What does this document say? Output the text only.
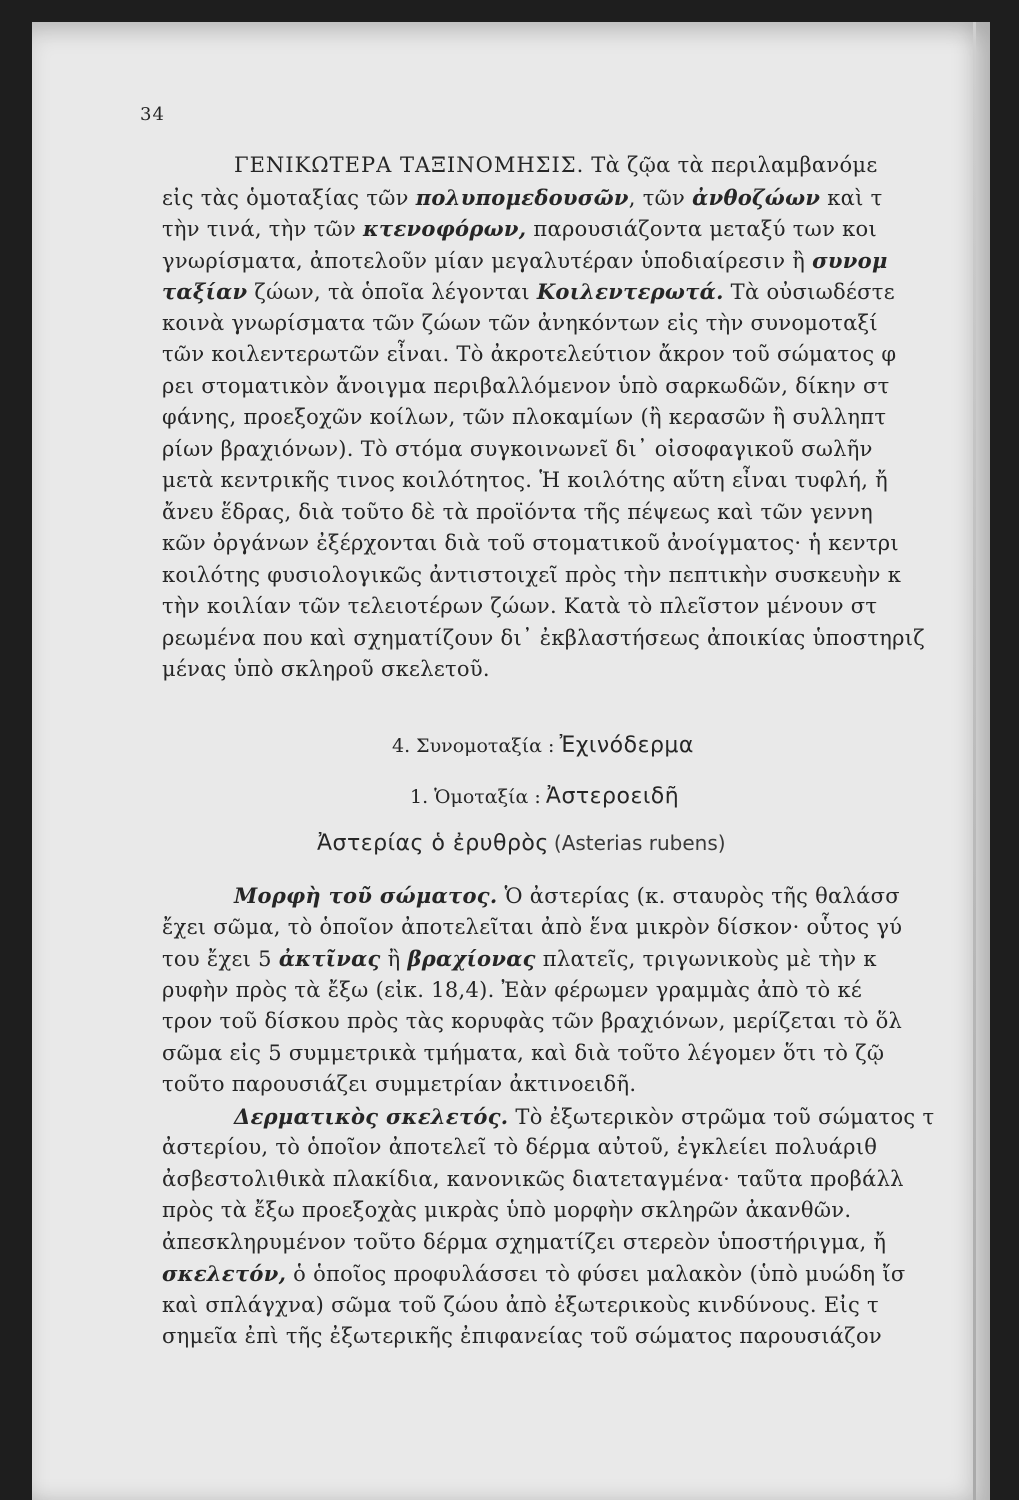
34
ΓΕΝΙΚΩΤΕΡΑ ΤΑΞΙΝΟΜΗΣΙΣ. Τὰ ζῷα τὰ περιλαμβανόμε
εἰς τὰς ὁμοταξίας τῶν πολυπομεδουσῶν, τῶν ἀνθοζώων καὶ τ
τὴν τινά, τὴν τῶν κτενοφόρων, παρουσιάζοντα μεταξύ των κοι
γνωρίσματα, ἀποτελοῦν μίαν μεγαλυτέραν ὑποδιαίρεσιν ἢ συνομ
ταξίαν ζώων, τὰ ὁποῖα λέγονται Κοιλεντερωτά. Τὰ οὐσιωδέστε
κοινὰ γνωρίσματα τῶν ζώων τῶν ἀνηκόντων εἰς τὴν συνομοταξί
τῶν κοιλεντερωτῶν εἶναι. Τὸ ἀκροτελεύτιον ἄκρον τοῦ σώματος φ
ρει στοματικὸν ἄνοιγμα περιβαλλόμενον ὑπὸ σαρκωδῶν, δίκην στ
φάνης, προεξοχῶν κοίλων, τῶν πλοκαμίων (ἢ κερασῶν ἢ συλληπτ
ρίων βραχιόνων). Τὸ στόμα συγκοινωνεῖ δι᾿ οἰσοφαγικοῦ σωλῆν
μετὰ κεντρικῆς τινος κοιλότητος. Ἡ κοιλότης αὕτη εἶναι τυφλή, ἤ
ἄνευ ἕδρας, διὰ τοῦτο δὲ τὰ προϊόντα τῆς πέψεως καὶ τῶν γεννη
κῶν ὀργάνων ἐξέρχονται διὰ τοῦ στοματικοῦ ἀνοίγματος· ἡ κεντρι
κοιλότης φυσιολογικῶς ἀντιστοιχεῖ πρὸς τὴν πεπτικὴν συσκευὴν κ
τὴν κοιλίαν τῶν τελειοτέρων ζώων. Κατὰ τὸ πλεῖστον μένουν στ
ρεωμένα που καὶ σχηματίζουν δι᾿ ἐκβλαστήσεως ἀποικίας ὑποστηριζ
μένας ὑπὸ σκληροῦ σκελετοῦ.
4. Συνομοταξία : Ἐχινόδερμα
1. Ὁμοταξία : Ἀστεροειδῆ
Ἀστερίας ὁ ἐρυθρὸς (Asterias rubens)
Μορφὴ τοῦ σώματος. Ὁ ἀστερίας (κ. σταυρὸς τῆς θαλάσσ
ἔχει σῶμα, τὸ ὁποῖον ἀποτελεῖται ἀπὸ ἕνα μικρὸν δίσκον· οὗτος γύ
του ἔχει 5 ἀκτῖνας ἢ βραχίονας πλατεῖς, τριγωνικοὺς μὲ τὴν κ
ρυφὴν πρὸς τὰ ἔξω (εἰκ. 18,4). Ἐὰν φέρωμεν γραμμὰς ἀπὸ τὸ κέ
τρον τοῦ δίσκου πρὸς τὰς κορυφὰς τῶν βραχιόνων, μερίζεται τὸ ὅλ
σῶμα εἰς 5 συμμετρικὰ τμήματα, καὶ διὰ τοῦτο λέγομεν ὅτι τὸ ζῷ
τοῦτο παρουσιάζει συμμετρίαν ἀκτινοειδῆ.
Δερματικὸς σκελετός. Τὸ ἐξωτερικὸν στρῶμα τοῦ σώματος τ
ἀστερίου, τὸ ὁποῖον ἀποτελεῖ τὸ δέρμα αὐτοῦ, ἐγκλείει πολυάριθ
ἀσβεστολιθικὰ πλακίδια, κανονικῶς διατεταγμένα· ταῦτα προβάλλ
πρὸς τὰ ἔξω προεξοχὰς μικρὰς ὑπὸ μορφὴν σκληρῶν ἀκανθῶν.
ἀπεσκληρυμένον τοῦτο δέρμα σχηματίζει στερεὸν ὑποστήριγμα, ἤ
σκελετόν, ὁ ὁποῖος προφυλάσσει τὸ φύσει μαλακὸν (ὑπὸ μυώδη ἴσ
καὶ σπλάγχνα) σῶμα τοῦ ζώου ἀπὸ ἐξωτερικοὺς κινδύνους. Εἰς τ
σημεῖα ἐπὶ τῆς ἐξωτερικῆς ἐπιφανείας τοῦ σώματος παρουσιάζον
